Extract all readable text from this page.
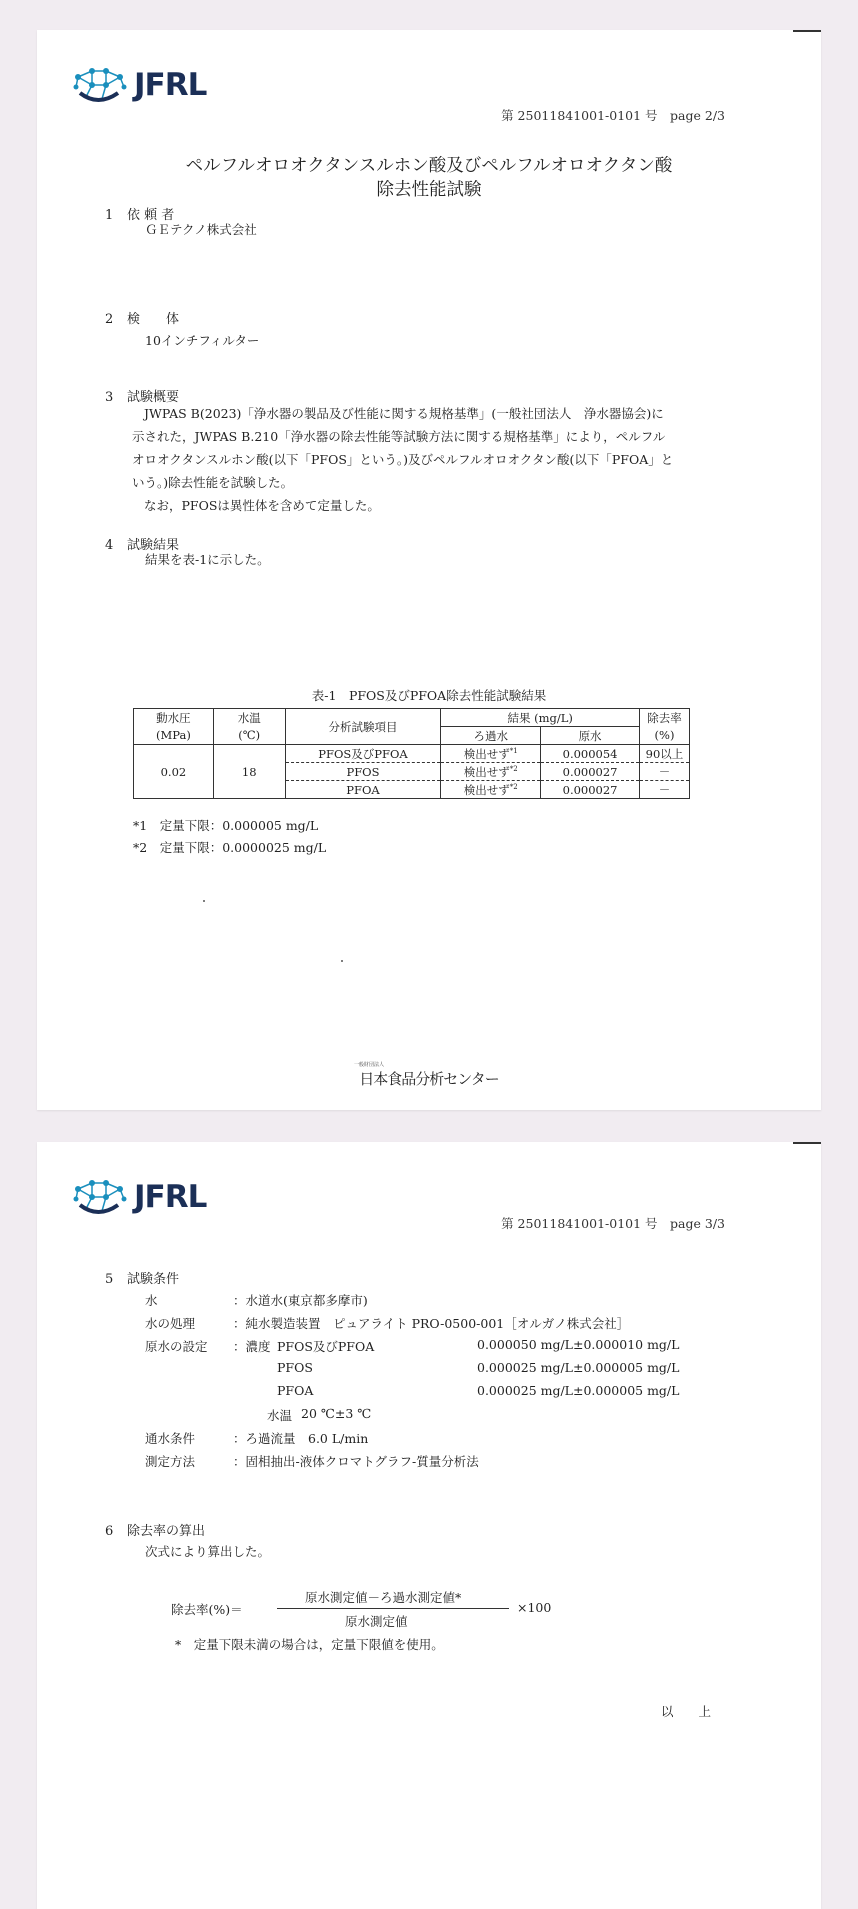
JFRL
第 25011841001-0101 号　page 2/3
ペルフルオロオクタンスルホン酸及びペルフルオロオクタン酸
除去性能試験
1 依 頼 者
ＧＥテクノ株式会社
2 検　　体
10インチフィルター
3 試験概要

JWPAS B(2023)「浄水器の製品及び性能に関する規格基準」(一般社団法人　浄水器協会)に

示された，JWPAS B.210「浄水器の除去性能等試験方法に関する規格基準」により，ペルフル

オロオクタンスルホン酸(以下「PFOS」という。)及びペルフルオロオクタン酸(以下「PFOA」と

いう。)除去性能を試験した。

なお，PFOSは異性体を含めて定量した。

4 試験結果
結果を表-1に示した。
表-1　PFOS及びPFOA除去性能試験結果
動水圧	水温	分析試験項目	結果 (mg/L)		除去率
(MPa)	(℃)		ろ過水	原水	(%)
0.02	18	PFOS及びPFOA	検出せず$^{*1}$	0.000054	90以上
		PFOS	検出せず$^{*2}$	0.000027	－
		PFOA	検出せず$^{*2}$	0.000027	－
*1　定量下限：0.000005 mg/L
*2　定量下限：0.0000025 mg/L
一般財団法人
日本食品分析センター
JFRL
第 25011841001-0101 号　page 3/3
5 試験条件
水	：水道水(東京都多摩市)
水の処理	：純水製造装置　ピュアライト PRO-0500-001［オルガノ株式会社］
原水の設定 ：濃度 PFOS及びPFOA	0.000050 mg/L±0.000010 mg/L
PFOS	0.000025 mg/L±0.000005 mg/L
PFOA	0.000025 mg/L±0.000005 mg/L
水温 20 ℃±3 ℃
通水条件	：ろ過流量　6.0 L/min
測定方法	：固相抽出-液体クロマトグラフ-質量分析法
6 除去率の算出
次式により算出した。
除去率(%)＝
原水測定値－ろ過水測定値*
原水測定値
×100
*　定量下限未満の場合は，定量下限値を使用。
以　　上
